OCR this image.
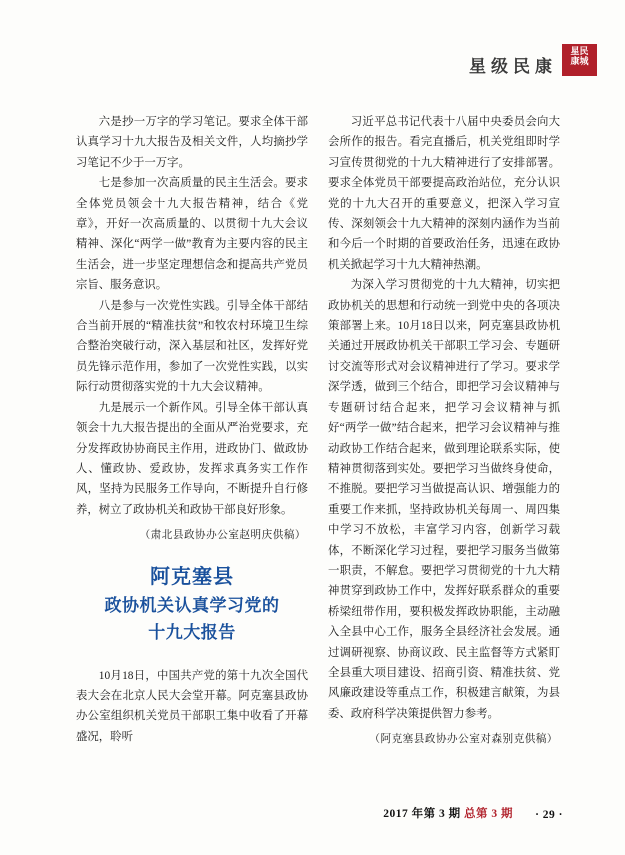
星级民康
星民
康城

六是抄一万字的学习笔记。要求全体干部认真学习十九大报告及相关文件，人均摘抄学习笔记不少于一万字。

七是参加一次高质量的民主生活会。要求全体党员领会十九大报告精神，结合《党章》，开好一次高质量的、以贯彻十九大会议精神、深化“两学一做”教育为主要内容的民主生活会，进一步坚定理想信念和提高共产党员宗旨、服务意识。

八是参与一次党性实践。引导全体干部结合当前开展的“精准扶贫”和牧农村环境卫生综合整治突破行动，深入基层和社区，发挥好党员先锋示范作用，参加了一次党性实践，以实际行动贯彻落实党的十九大会议精神。

九是展示一个新作风。引导全体干部认真领会十九大报告提出的全面从严治党要求，充分发挥政协协商民主作用，进政协门、做政协人、懂政协、爱政协，发挥求真务实工作作风，坚持为民服务工作导向，不断提升自行修养，树立了政协机关和政协干部良好形象。

（肃北县政协办公室赵明庆供稿）

阿克塞县
政协机关认真学习党的
十九大报告

10月18日，中国共产党的第十九次全国代表大会在北京人民大会堂开幕。阿克塞县政协办公室组织机关党员干部职工集中收看了开幕盛况，聆听

习近平总书记代表十八届中央委员会向大会所作的报告。看完直播后，机关党组即时学习宣传贯彻党的十九大精神进行了安排部署。要求全体党员干部要提高政治站位，充分认识党的十九大召开的重要意义，把深入学习宣传、深刻领会十九大精神的深刻内涵作为当前和今后一个时期的首要政治任务，迅速在政协机关掀起学习十九大精神热潮。

为深入学习贯彻党的十九大精神，切实把政协机关的思想和行动统一到党中央的各项决策部署上来。10月18日以来，阿克塞县政协机关通过开展政协机关干部职工学习会、专题研讨交流等形式对会议精神进行了学习。要求学深学透，做到三个结合，即把学习会议精神与专题研讨结合起来，把学习会议精神与抓好“两学一做”结合起来，把学习会议精神与推动政协工作结合起来，做到理论联系实际，使精神贯彻落到实处。要把学习当做终身使命，不推脱。要把学习当做提高认识、增强能力的重要工作来抓，坚持政协机关每周一、周四集中学习不放松，丰富学习内容，创新学习载体，不断深化学习过程，要把学习服务当做第一职责，不解怠。要把学习贯彻党的十九大精神贯穿到政协工作中，发挥好联系群众的重要桥梁纽带作用，要积极发挥政协职能，主动融入全县中心工作，服务全县经济社会发展。通过调研视察、协商议政、民主监督等方式紧盯全县重大项目建设、招商引资、精准扶贫、党风廉政建设等重点工作，积极建言献策，为县委、政府科学决策提供智力参考。

（阿克塞县政协办公室对森别克供稿）

2017 年第 3 期 总第 3 期 · 29 ·
